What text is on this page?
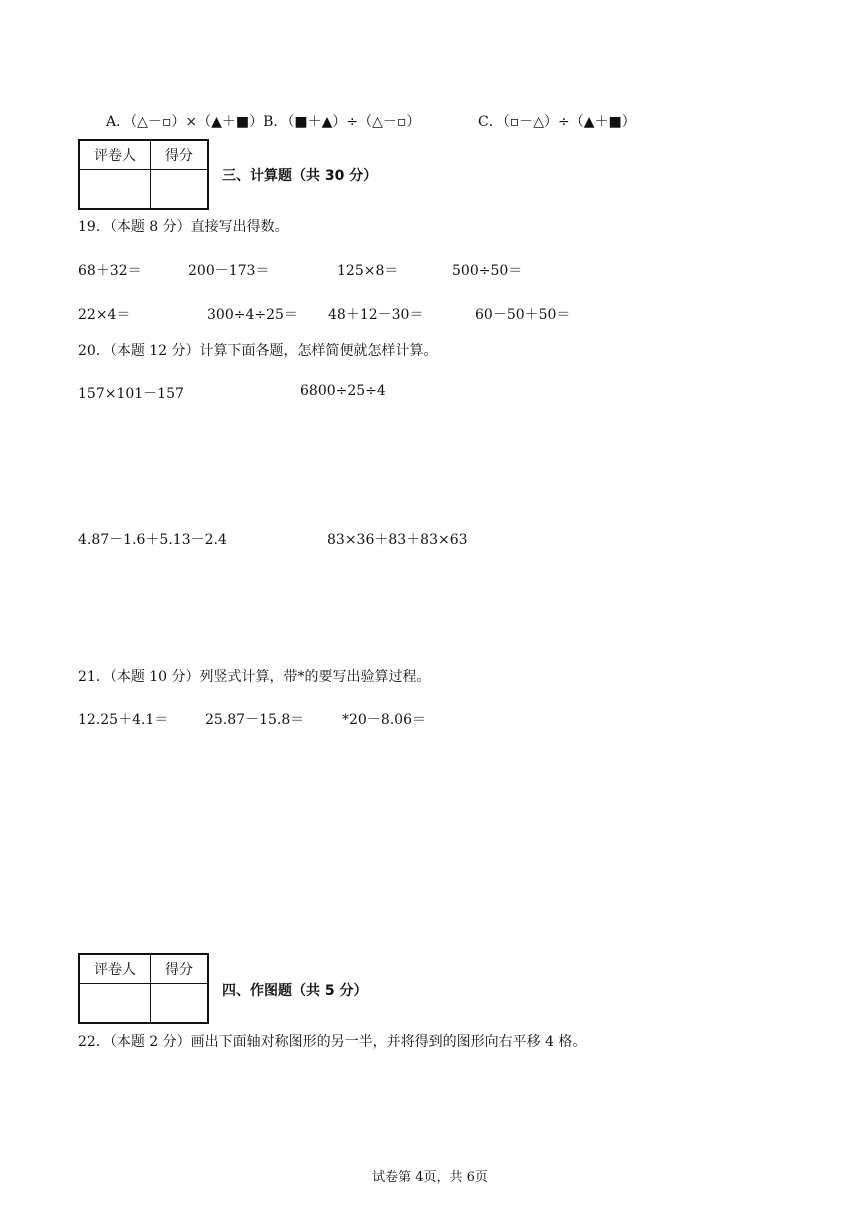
A．（△－▫）×（▲＋■）B．（■＋▲）÷（△－▫）	C．（▫－△）÷（▲＋■）
评卷人	得分

三、计算题（共 30 分）
19．（本题 8 分）直接写出得数。
68＋32＝	200－173＝	125×8＝	500÷50＝
22×4＝	300÷4÷25＝ 48＋12－30＝	60－50＋50＝
20．（本题 12 分）计算下面各题，怎样简便就怎样计算。
157×101－157	6800÷25÷4
4.87－1.6＋5.13－2.4	83×36＋83＋83×63
21．（本题 10 分）列竖式计算，带*的要写出验算过程。
12.25＋4.1＝	25.87－15.8＝	*20－8.06＝
评卷人	得分

四、作图题（共 5 分）
22．（本题 2 分）画出下面轴对称图形的另一半，并将得到的图形向右平移 4 格。
试卷第 4页，共 6页
